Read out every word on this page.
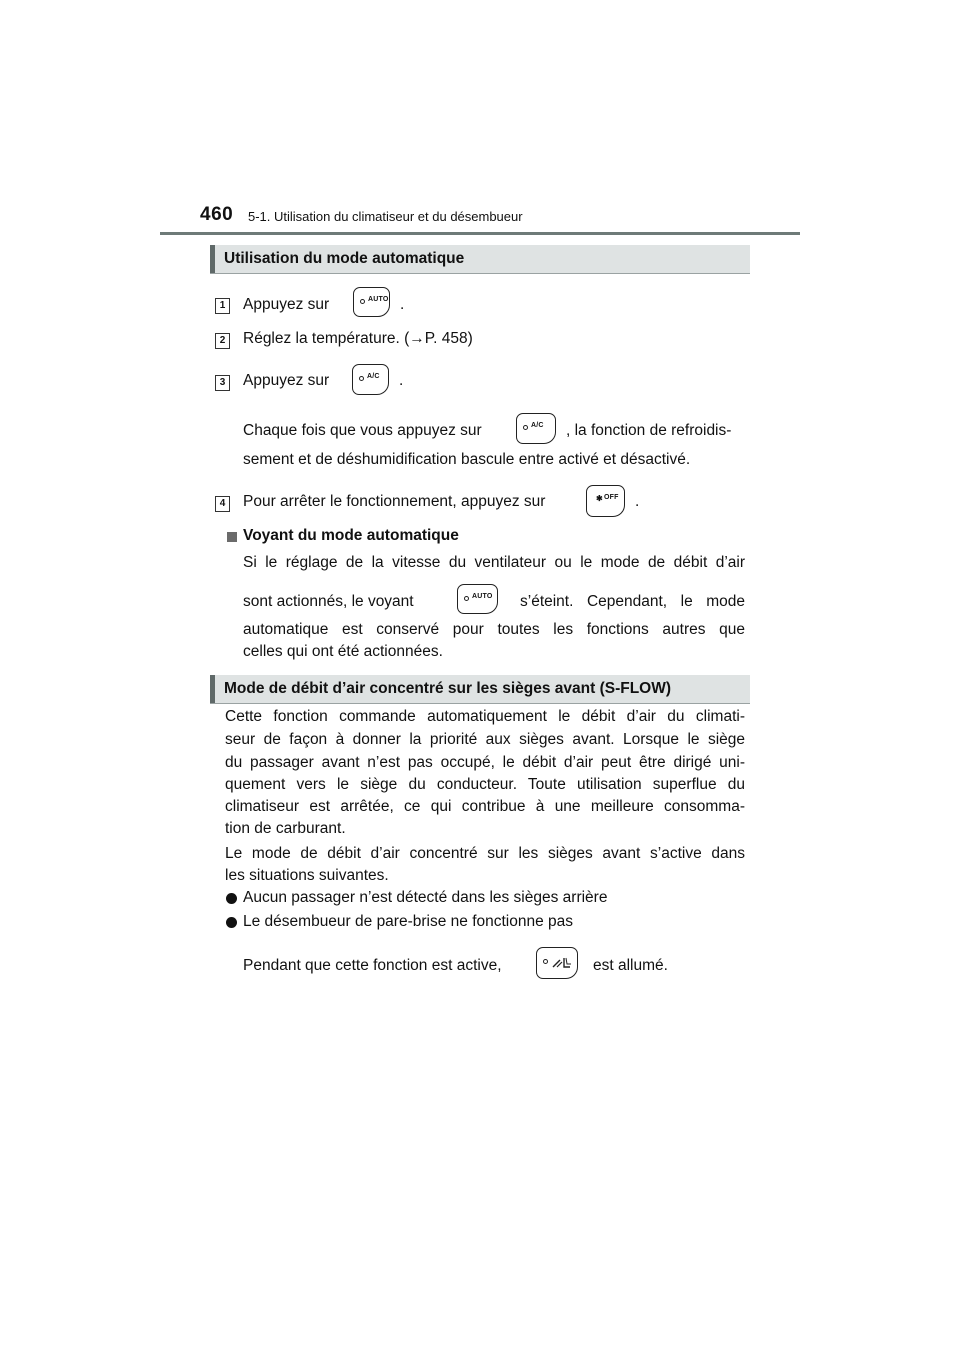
460 5-1. Utilisation du climatiseur et du désembueur
Utilisation du mode automatique
1	Appuyez sur	AUTO .
2	Réglez la température. (→P. 458)
3	Appuyez sur	A/C .
Chaque fois que vous appuyez sur	A/C , la fonction de refroidis-
sement et de déshumidification bascule entre activé et désactivé.
4	Pour arrêter le fonctionnement, appuyez sur	✱ OFF .
Voyant du mode automatique
Si le réglage de la vitesse du ventilateur ou le mode de débit d’air
sont actionnés, le voyant	AUTO s’éteint. Cependant, le mode
automatique est conservé pour toutes les fonctions autres que
celles qui ont été actionnées.
Mode de débit d’air concentré sur les sièges avant (S-FLOW)
Cette fonction commande automatiquement le débit d’air du climati-
seur de façon à donner la priorité aux sièges avant. Lorsque le siège
du passager avant n’est pas occupé, le débit d’air peut être dirigé uni-
quement vers le siège du conducteur. Toute utilisation superflue du
climatiseur est arrêtée, ce qui contribue à une meilleure consomma-
tion de carburant.
Le mode de débit d’air concentré sur les sièges avant s’active dans
les situations suivantes.
Aucun passager n’est détecté dans les sièges arrière
Le désembueur de pare-brise ne fonctionne pas
Pendant que cette fonction est active,	est allumé.
